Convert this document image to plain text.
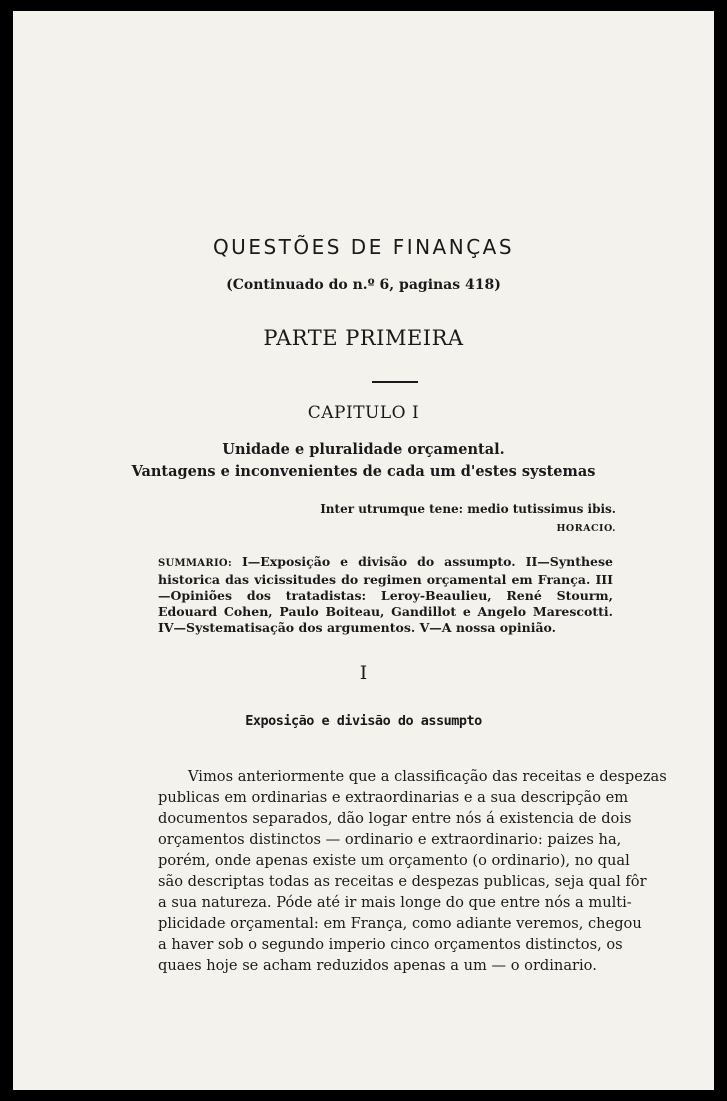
QUESTÕES DE FINANÇAS
(Continuado do n.º 6, paginas 418)
PARTE PRIMEIRA
CAPITULO I
Unidade e pluralidade orçamental.
Vantagens e inconvenientes de cada um d'estes systemas
Inter utrumque tene: medio tutissimus ibis.
HORACIO.
SUMMARIO: I—Exposição e divisão do assumpto. II—Synthese historica das vicissitudes do regimen orçamental em França. III—Opiniões dos tratadistas: Leroy-Beaulieu, René Stourm, Edouard Cohen, Paulo Boiteau, Gandillot e Angelo Marescotti. IV—Systematisação dos argumentos. V—A nossa opinião.
I
Exposição e divisão do assumpto
Vimos anteriormente que a classificação das receitas e despezas
publicas em ordinarias e extraordinarias e a sua descripção em
documentos separados, dão logar entre nós á existencia de dois
orçamentos distinctos — ordinario e extraordinario: paizes ha,
porém, onde apenas existe um orçamento (o ordinario), no qual
são descriptas todas as receitas e despezas publicas, seja qual fôr
a sua natureza. Póde até ir mais longe do que entre nós a multi-
plicidade orçamental: em França, como adiante veremos, chegou
a haver sob o segundo imperio cinco orçamentos distinctos, os
quaes hoje se acham reduzidos apenas a um — o ordinario.
